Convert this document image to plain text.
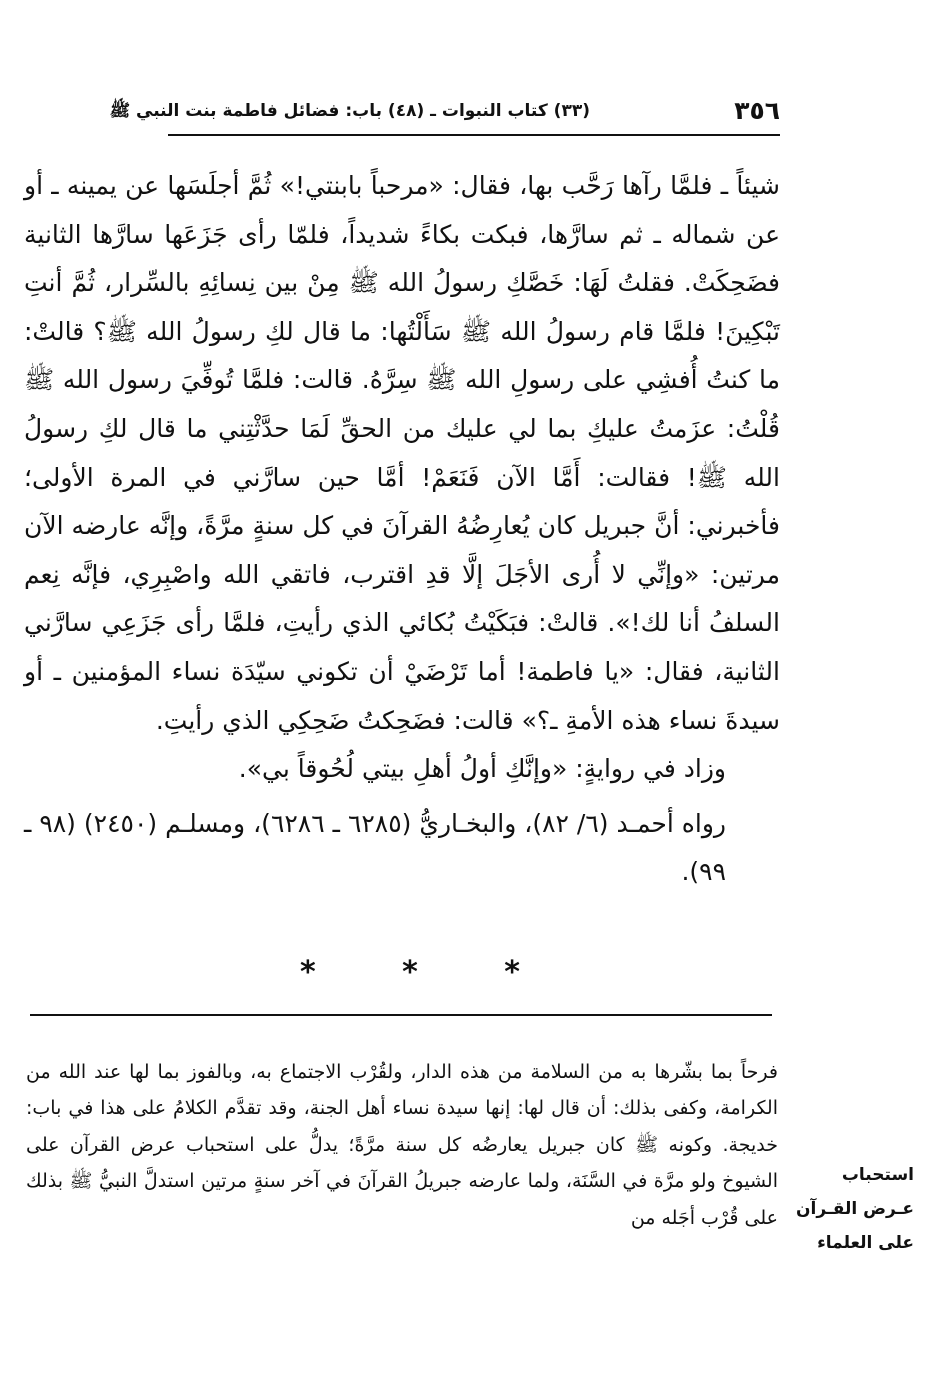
٣٥٦
(٣٣) كتاب النبوات ـ (٤٨) باب: فضائل فاطمة بنت النبي ﷺ

شيئاً ـ فلمَّا رآها رَحَّب بها، فقال: «مرحباً بابنتي!» ثُمَّ أجلَسَها عن يمينه ـ أو عن شماله ـ ثم سارَّها، فبكت بكاءً شديداً، فلمّا رأى جَزَعَها سارَّها الثانية فضَحِكَتْ. فقلتُ لَهَا: خَصَّكِ رسولُ الله ﷺ مِنْ بين نِسائِهِ بالسِّرار، ثُمَّ أنتِ تَبْكِينَ! فلمَّا قام رسولُ الله ﷺ سَأَلْتُها: ما قال لكِ رسولُ الله ﷺ؟ قالتْ: ما كنتُ أُفشِي على رسولِ الله ﷺ سِرَّهُ. قالت: فلمَّا تُوفِّيَ رسول الله ﷺ قُلْتُ: عزَمتُ عليكِ بما لي عليك من الحقِّ لَمَا حدَّثْتِني ما قال لكِ رسولُ الله ﷺ! فقالت: أَمَّا الآن فَنَعَمْ! أمَّا حين سارَّني في المرة الأولى؛ فأخبرني: أنَّ جبريل كان يُعارِضُهُ القرآنَ في كل سنةٍ مرَّةً، وإنَّه عارضه الآن مرتين: «وإنِّي لا أُرى الأجَلَ إلَّا قدِ اقترب، فاتقي الله واصْبِرِي، فإنَّه نِعم السلفُ أنا لك!». قالتْ: فبَكَيْتُ بُكائي الذي رأيتِ، فلمَّا رأى جَزَعِي سارَّني الثانية، فقال: «يا فاطمة! أما تَرْضَيْ أن تكوني سيّدَة نساء المؤمنين ـ أو سيدةَ نساء هذه الأمةِ ـ؟» قالت: فضَحِكتُ ضَحِكِي الذي رأيتِ.

وزاد في روايةٍ: «وإنَّكِ أولُ أهلِ بيتي لُحُوقاً بي».

رواه أحمـد (٦/ ٨٢)، والبخـاريُّ (٦٢٨٥ ـ ٦٢٨٦)، ومسلـم (٢٤٥٠) (٩٨ ـ ٩٩).

*	*	*
فرحاً بما بشّرها به من السلامة من هذه الدار، ولقُرْب الاجتماع به، وبالفوز بما لها عند الله من الكرامة، وكفى بذلك: أن قال لها: إنها سيدة نساء أهل الجنة، وقد تقدَّم الكلامُ على هذا في باب: خديجة. وكونه ﷺ كان جبريل يعارضُه كل سنة مرَّةً؛ يدلُّ على استحباب عرض القرآن على الشيوخ ولو مرَّة في السَّنَة، ولما عارضه جبريلُ القرآنَ في آخر سنةٍ مرتين استدلَّ النبيُّ ﷺ بذلك على قُرْب أجَله من
استحباب
عـرض القـرآن
على العلماء
